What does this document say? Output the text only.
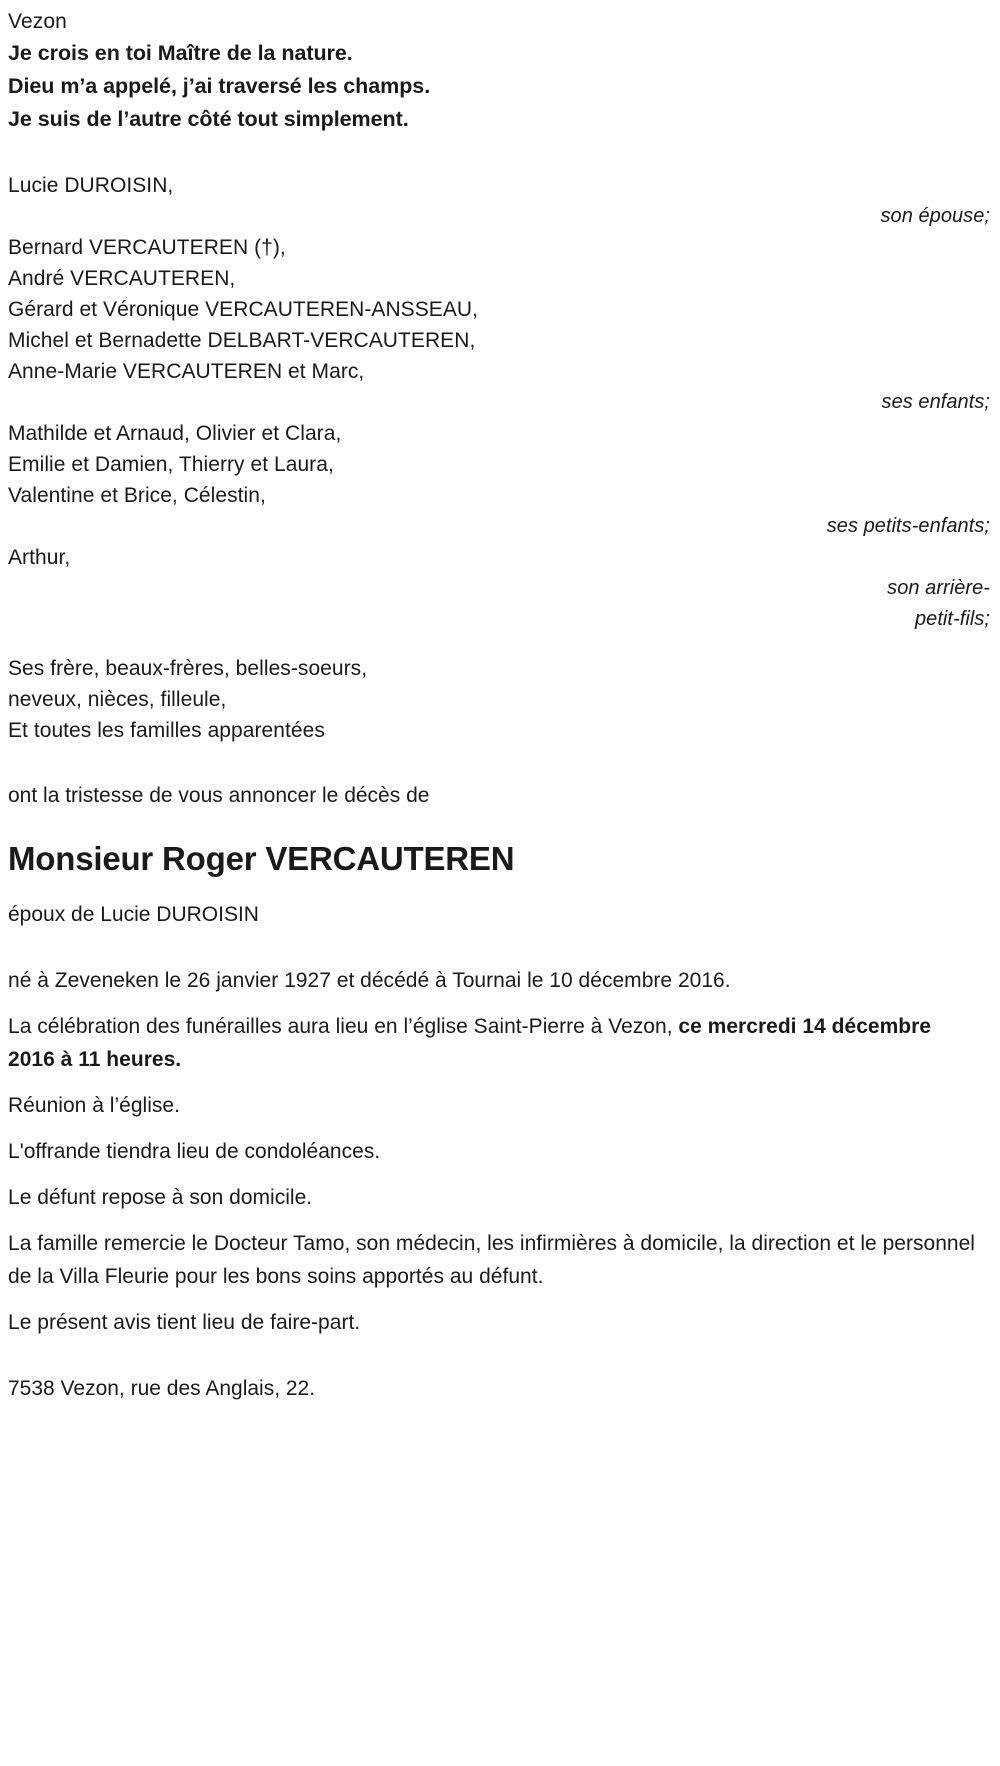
Vezon
Je crois en toi Maître de la nature.
Dieu m’a appelé, j’ai traversé les champs.
Je suis de l’autre côté tout simplement.
Lucie DUROISIN,
son épouse;
Bernard VERCAUTEREN (†),
André VERCAUTEREN,
Gérard et Véronique VERCAUTEREN-ANSSEAU,
Michel et Bernadette DELBART-VERCAUTEREN,
Anne-Marie VERCAUTEREN et Marc,
ses enfants;
Mathilde et Arnaud, Olivier et Clara,
Emilie et Damien, Thierry et Laura,
Valentine et Brice, Célestin,
ses petits-enfants;
Arthur,
son arrière-
petit-fils;
Ses frère, beaux-frères, belles-soeurs,
neveux, nièces, filleule,
Et toutes les familles apparentées
ont la tristesse de vous annoncer le décès de
Monsieur Roger VERCAUTEREN
époux de Lucie DUROISIN
né à Zeveneken le 26 janvier 1927 et décédé à Tournai le 10 décembre 2016.
La célébration des funérailles aura lieu en l’église Saint-Pierre à Vezon, ce mercredi 14 décembre 2016 à 11 heures.
Réunion à l’église.
L'offrande tiendra lieu de condoléances.
Le défunt repose à son domicile.
La famille remercie le Docteur Tamo, son médecin, les infirmières à domicile, la direction et le personnel de la Villa Fleurie pour les bons soins apportés au défunt.
Le présent avis tient lieu de faire-part.
7538 Vezon, rue des Anglais, 22.
